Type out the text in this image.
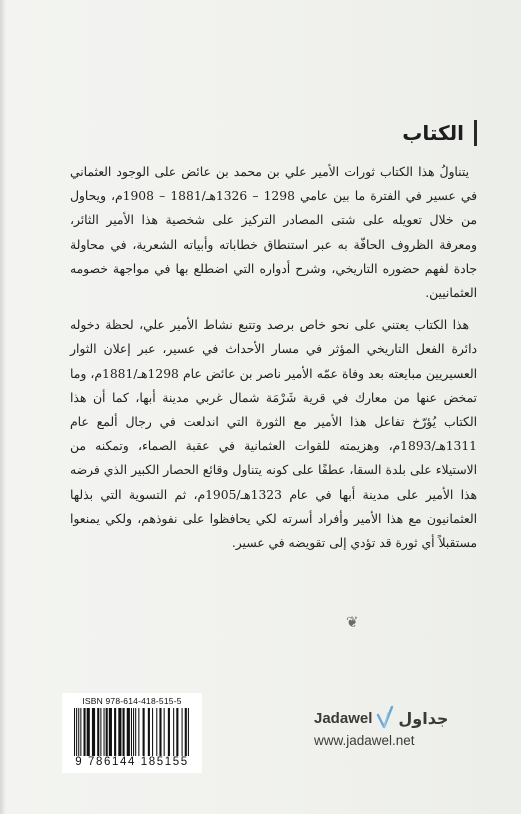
الكتاب

يتناولُ هذا الكتاب ثورات الأمير علي بن محمد بن عائض على الوجود العثماني في عسير في الفترة ما بين عامي 1298 – 1326هـ/1881 – 1908م، ويحاول من خلال تعويله على شتى المصادر التركيز على شخصية هذا الأمير الثائر، ومعرفة الظروف الحافّة به عبر استنطاق خطاباته وأبياته الشعرية، في محاولة جادة لفهم حضوره التاريخي، وشرح أدواره التي اضطلع بها في مواجهة خصومه العثمانيين.

هذا الكتاب يعتني على نحو خاص برصد وتتبع نشاط الأمير علي، لحظة دخوله دائرة الفعل التاريخي المؤثر في مسار الأحداث في عسير، عبر إعلان الثوار العسيريين مبايعته بعد وفاة عمّه الأمير ناصر بن عائض عام 1298هـ/1881م، وما تمخض عنها من معارك في قرية شَرْمَة شمال غربي مدينة أبها، كما أن هذا الكتاب يُؤرّخ تفاعل هذا الأمير مع الثورة التي اندلعت في رجال ألمع عام 1311هـ/1893م، وهزيمته للقوات العثمانية في عقبة الصماء، وتمكنه من الاستيلاء على بلدة السقا، عطفًا على كونه يتناول وقائع الحصار الكبير الذي فرضه هذا الأمير على مدينة أبها في عام 1323هـ/1905م، ثم التسوية التي بذلها العثمانيون مع هذا الأمير وأفراد أسرته لكي يحافظوا على نفوذهم، ولكي يمنعوا مستقبلاً أي ثورة قد تؤدي إلى تقويضه في عسير.

❦
ISBN 978-614-418-515-5
9 786144 185155
Jadawel جداول
www.jadawel.net
